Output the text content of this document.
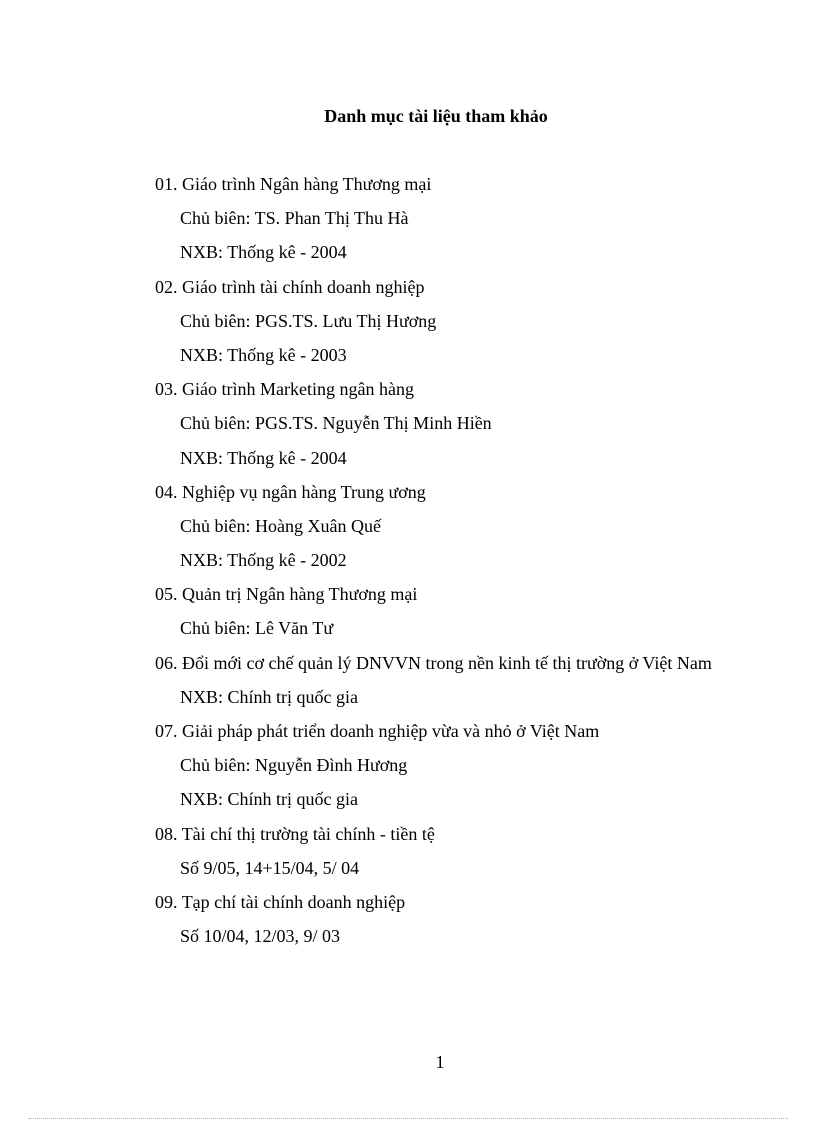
Danh mục tài liệu tham khảo
01. Giáo trình Ngân hàng Thương mại
Chủ biên: TS. Phan Thị Thu Hà
NXB: Thống kê - 2004
02. Giáo trình tài chính doanh nghiệp
Chủ biên: PGS.TS. Lưu Thị Hương
NXB: Thống kê - 2003
03. Giáo trình Marketing ngân hàng
Chủ biên: PGS.TS. Nguyễn Thị Minh Hiền
NXB: Thống kê - 2004
04. Nghiệp vụ ngân hàng Trung ương
Chủ biên: Hoàng Xuân Quế
NXB: Thống kê - 2002
05. Quản trị Ngân hàng Thương mại
Chủ biên: Lê Văn Tư
06. Đổi mới cơ chế quản lý DNVVN trong nền kinh tế thị trường ở Việt Nam
NXB: Chính trị quốc gia
07. Giải pháp phát triển doanh nghiệp vừa và nhỏ ở Việt Nam
Chủ biên: Nguyễn Đình Hương
NXB: Chính trị quốc gia
08. Tài chí thị trường tài chính - tiền tệ
Số 9/05, 14+15/04, 5/ 04
09. Tạp chí tài chính doanh nghiệp
Số 10/04, 12/03, 9/ 03
1
